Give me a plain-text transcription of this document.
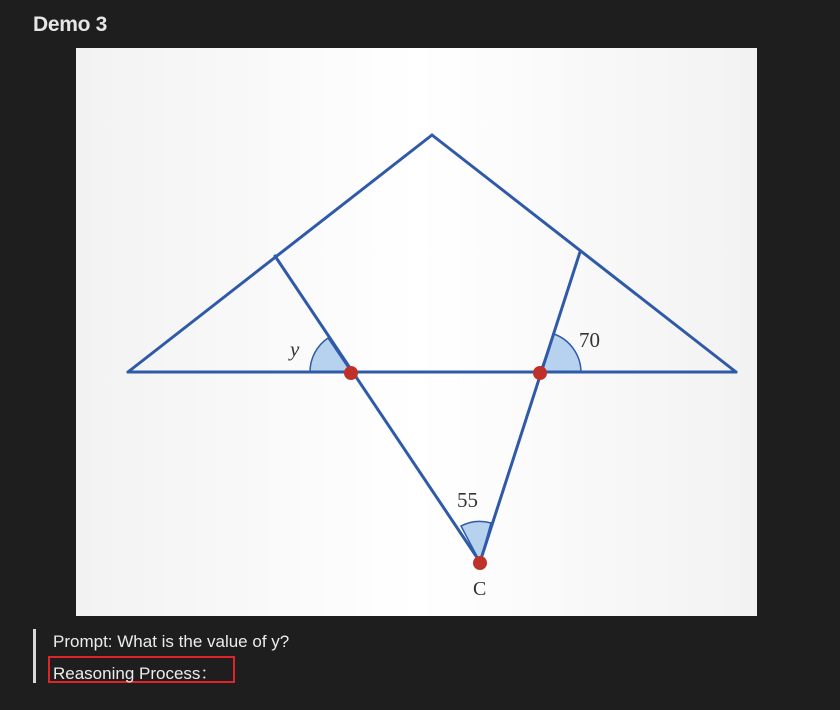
Demo 3
y	70
55
C
Prompt: What is the value of y?
Reasoning Process：
